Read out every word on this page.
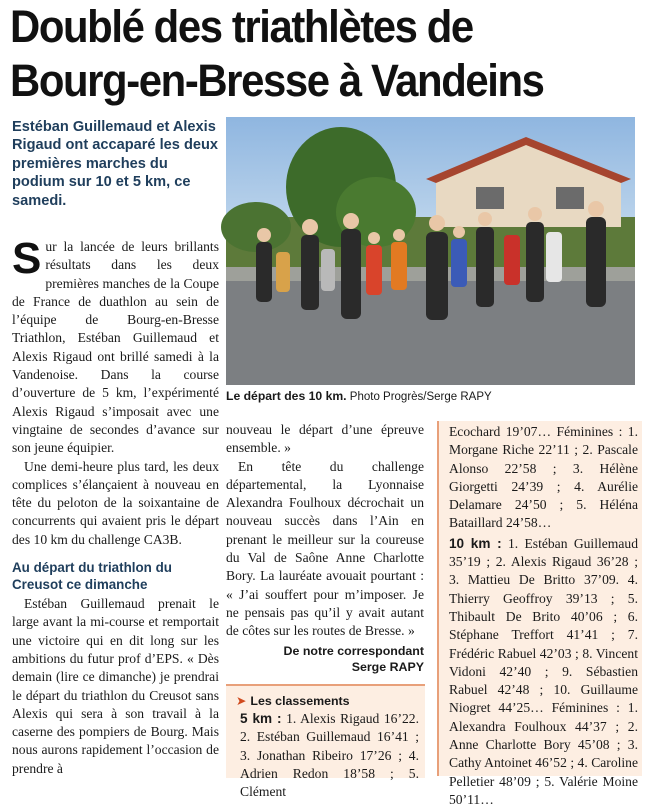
Doublé des triathlètes de
Bourg-en-Bresse à Vandeins
Estéban Guillemaud et Alexis Rigaud ont accaparé les deux premières marches du podium sur 10 et 5 km, ce samedi.

Sur la lancée de leurs brillants résultats dans les deux premières manches de la Coupe de France de duathlon au sein de l’équipe de Bourg-en-Bresse Triathlon, Estéban Guillemaud et Alexis Rigaud ont brillé samedi à la Vandenoise. Dans la course d’ouverture de 5 km, l’expérimenté Alexis Rigaud s’imposait avec une vingtaine de secondes d’avance sur son jeune équipier.

Une demi-heure plus tard, les deux complices s’élançaient à nouveau en tête du peloton de la soixantaine de concurrents qui avaient pris le départ des 10 km du challenge CA3B.

Au départ du triathlon du Creusot ce dimanche

Estéban Guillemaud prenait le large avant la mi-course et remportait une victoire qui en dit long sur les ambitions du futur prof d’EPS. « Dès demain (lire ce dimanche) je prendrai le départ du triathlon du Creusot sans Alexis qui sera à son travail à la caserne des pompiers de Bourg. Mais nous aurons rapidement l’occasion de prendre à

Le départ des 10 km. Photo Progrès/Serge RAPY

nouveau le départ d’une épreuve ensemble. »

En tête du challenge départemental, la Lyonnaise Alexandra Foulhoux décrochait un nouveau succès dans l’Ain en prenant le meilleur sur la coureuse du Val de Saône Anne Charlotte Bory. La lauréate avouait pourtant : « J’ai souffert pour m’imposer. Je ne pensais pas qu’il y avait autant de côtes sur les routes de Bresse. »

De notre correspondant
Serge RAPY
➤ Les classements

5 km : 1. Alexis Rigaud 16’22. 2. Estéban Guillemaud 16’41 ; 3. Jonathan Ribeiro 17’26 ; 4. Adrien Redon 18’58 ; 5. Clément

Ecochard 19’07… Féminines : 1. Morgane Riche 22’11 ; 2. Pascale Alonso 22’58 ; 3. Hélène Giorgetti 24’39 ; 4. Aurélie Delamare 24’50 ; 5. Héléna Bataillard 24’58…

10 km : 1. Estéban Guillemaud 35’19 ; 2. Alexis Rigaud 36’28 ; 3. Mattieu De Britto 37’09. 4. Thierry Geoffroy 39’13 ; 5. Thibault De Brito 40’06 ; 6. Stéphane Treffort 41’41 ; 7. Frédéric Rabuel 42’03 ; 8. Vincent Vidoni 42’40 ; 9. Sébastien Rabuel 42’48 ; 10. Guillaume Niogret 44’25… Féminines : 1. Alexandra Foulhoux 44’37 ; 2. Anne Charlotte Bory 45’08 ; 3. Cathy Antoinet 46’52 ; 4. Caroline Pelletier 48’09 ; 5. Valérie Moine 50’11…
